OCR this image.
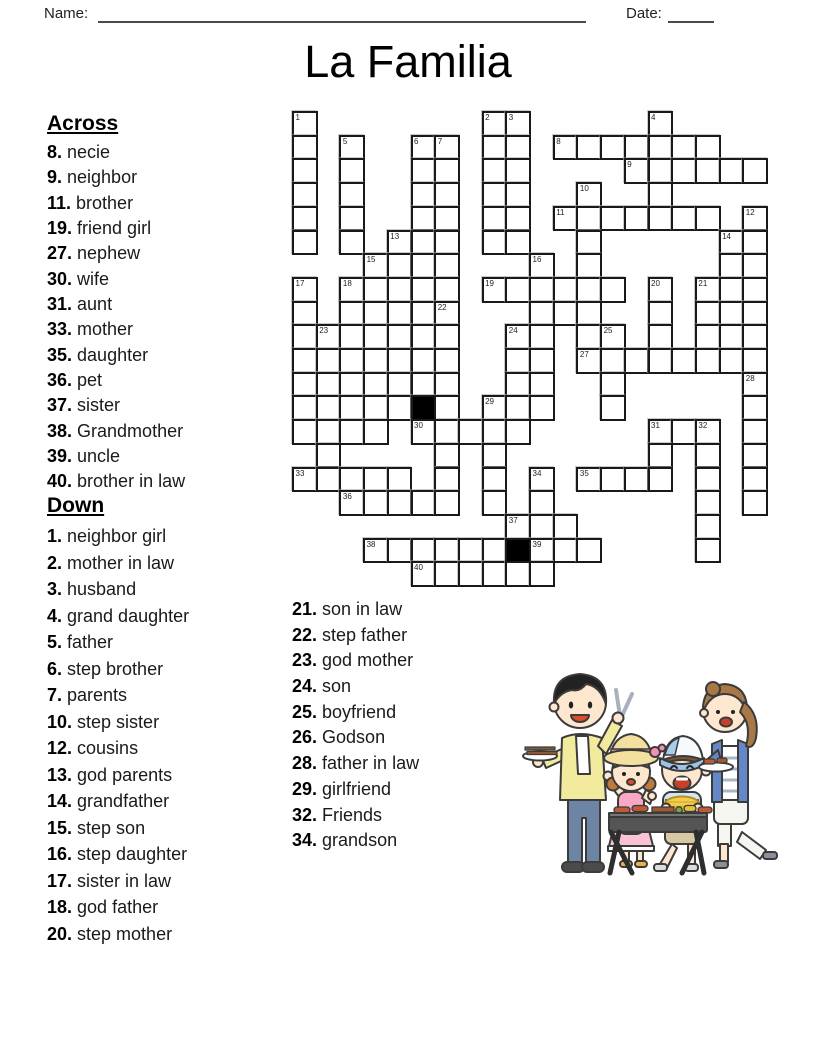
Name:	Date:
La Familia
Across
8. necie
9. neighbor
11. brother
19. friend girl
27. nephew
30. wife
31. aunt
33. mother
35. daughter
36. pet
37. sister
38. Grandmother
39. uncle
40. brother in law
Down
1. neighbor girl
2. mother in law
3. husband
4. grand daughter
5. father
6. step brother
7. parents
10. step sister
12. cousins
13. god parents
14. grandfather
15. step son
16. step daughter
17. sister in law
18. god father
20. step mother
21. son in law
22. step father
23. god mother
24. son
25. boyfriend
26. Godson
28. father in law
29. girlfriend
32. Friends
34. grandson
1	2 3	4
5	6 7	8
9
10
11	12
13	14
15	16
17	18	19	20	21
22
23	24	25
27
28
29
30	31	32
33	34	35
36
37
38	39
40
